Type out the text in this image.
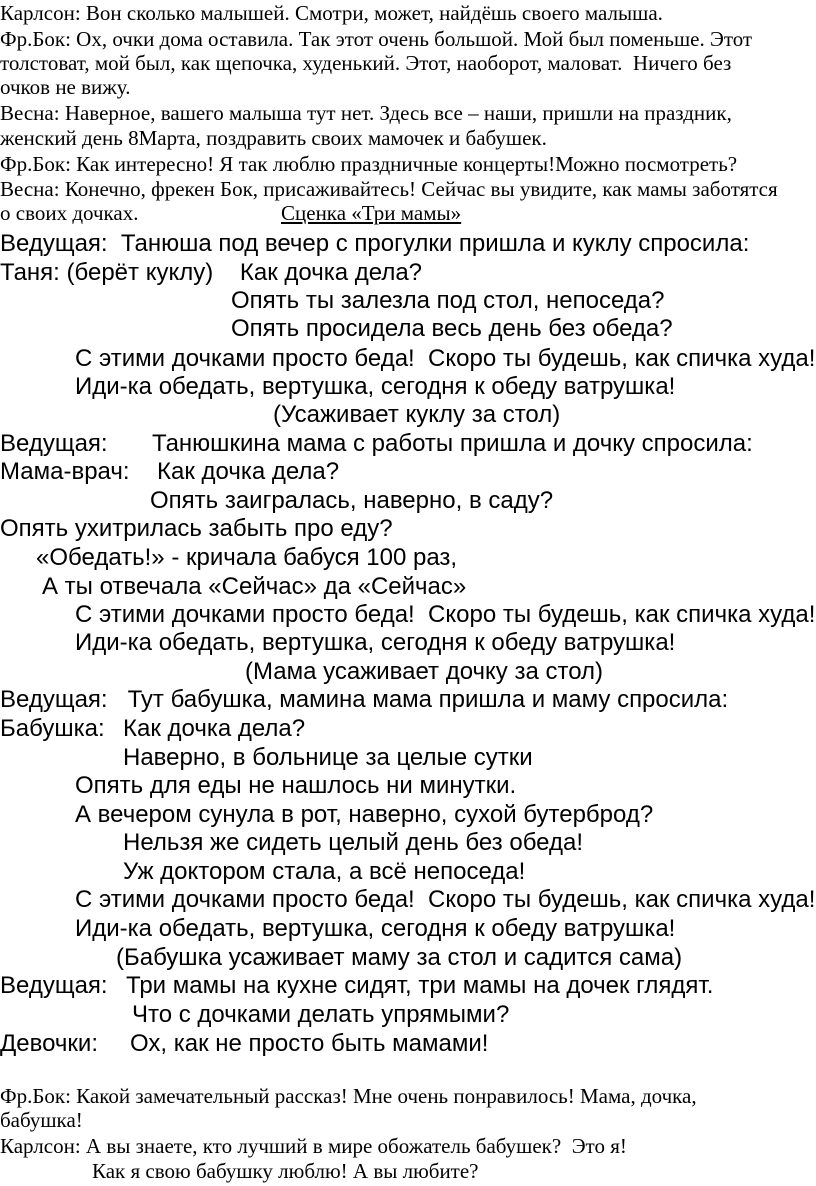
Карлсон: Вон сколько малышей. Смотри, может, найдёшь своего малыша.
Фр.Бок: Ох, очки дома оставила. Так этот очень большой. Мой был поменьше. Этот
толстоват, мой был, как щепочка, худенький. Этот, наоборот, маловат.  Ничего без
очков не вижу.
Весна: Наверное, вашего малыша тут нет. Здесь все – наши, пришли на праздник,
женский день 8Марта, поздравить своих мамочек и бабушек.
Фр.Бок: Как интересно! Я так люблю праздничные концерты!Можно посмотреть?
Весна: Конечно, фрекен Бок, присаживайтесь! Сейчас вы увидите, как мамы заботятся
о своих дочках.	Сценка «Три мамы»
Ведущая:  Танюша под вечер с прогулки пришла и куклу спросила:
Таня: (берёт куклу)    Как дочка дела?
Опять ты залезла под стол, непоседа?
Опять просидела весь день без обеда?
С этими дочками просто беда!  Скоро ты будешь, как спичка худа!
Иди-ка обедать, вертушка, сегодня к обеду ватрушка!
(Усаживает куклу за стол)
Ведущая: Танюшкина мама с работы пришла и дочку спросила:
Мама-врач: Как дочка дела?
Опять заигралась, наверно, в саду?
Опять ухитрилась забыть про еду?
«Обедать!» - кричала бабуся 100 раз,
А ты отвечала «Сейчас» да «Сейчас»
С этими дочками просто беда!  Скоро ты будешь, как спичка худа!
Иди-ка обедать, вертушка, сегодня к обеду ватрушка!
(Мама усаживает дочку за стол)
Ведущая:   Тут бабушка, мамина мама пришла и маму спросила:
Бабушка: Как дочка дела?
Наверно, в больнице за целые сутки
Опять для еды не нашлось ни минутки.
А вечером сунула в рот, наверно, сухой бутерброд?
Нельзя же сидеть целый день без обеда!
Уж доктором стала, а всё непоседа!
С этими дочками просто беда!  Скоро ты будешь, как спичка худа!
Иди-ка обедать, вертушка, сегодня к обеду ватрушка!
(Бабушка усаживает маму за стол и садится сама)
Ведущая: Три мамы на кухне сидят, три мамы на дочек глядят.
Что с дочками делать упрямыми?
Девочки: Ох, как не просто быть мамами!
Фр.Бок: Какой замечательный рассказ! Мне очень понравилось! Мама, дочка,
бабушка!
Карлсон: А вы знаете, кто лучший в мире обожатель бабушек?  Это я!
Как я свою бабушку люблю! А вы любите?
